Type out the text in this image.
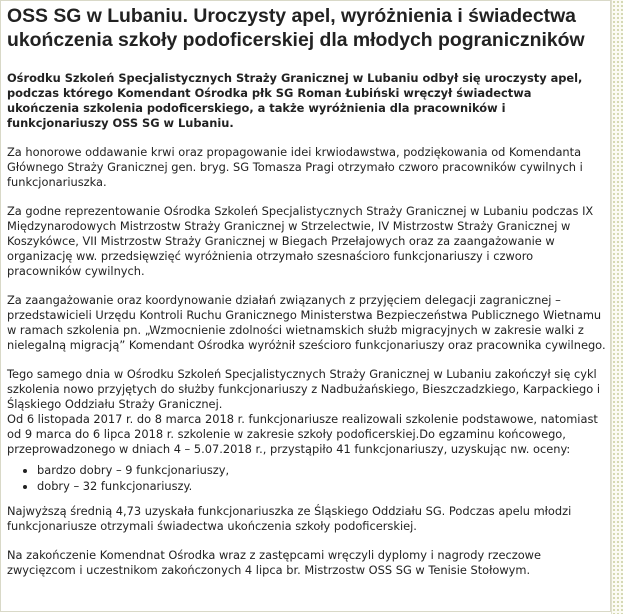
OSS SG w Lubaniu. Uroczysty apel, wyróżnienia i świadectwa ukończenia szkoły podoficerskiej dla młodych pograniczników

Ośrodku Szkoleń Specjalistycznych Straży Granicznej w Lubaniu odbył się uroczysty apel, podczas którego Komendant Ośrodka płk SG Roman Łubiński wręczył świadectwa ukończenia szkolenia podoficerskiego, a także wyróżnienia dla pracowników i funkcjonariuszy OSS SG w Lubaniu.

Za honorowe oddawanie krwi oraz propagowanie idei krwiodawstwa, podziękowania od Komendanta Głównego Straży Granicznej gen. bryg. SG Tomasza Pragi otrzymało czworo pracowników cywilnych i funkcjonariuszka.

Za godne reprezentowanie Ośrodka Szkoleń Specjalistycznych Straży Granicznej w Lubaniu podczas IX Międzynarodowych Mistrzostw Straży Granicznej w Strzelectwie, IV Mistrzostw Straży Granicznej w Koszykówce, VII Mistrzostw Straży Granicznej w Biegach Przełajowych oraz za zaangażowanie w organizację ww. przedsięwzięć wyróżnienia otrzymało szesnaścioro funkcjonariuszy i czworo pracowników cywilnych.

Za zaangażowanie oraz koordynowanie działań związanych z przyjęciem delegacji zagranicznej – przedstawicieli Urzędu Kontroli Ruchu Granicznego Ministerstwa Bezpieczeństwa Publicznego Wietnamu w ramach szkolenia pn. „Wzmocnienie zdolności wietnamskich służb migracyjnych w zakresie walki z nielegalną migracją” Komendant Ośrodka wyróżnił sześcioro funkcjonariuszy oraz pracownika cywilnego.

Tego samego dnia w Ośrodku Szkoleń Specjalistycznych Straży Granicznej w Lubaniu zakończył się cykl szkolenia nowo przyjętych do służby funkcjonariuszy z Nadbużańskiego, Bieszczadzkiego, Karpackiego i Śląskiego Oddziału Straży Granicznej.

Od 6 listopada 2017 r. do 8 marca 2018 r. funkcjonariusze realizowali szkolenie podstawowe, natomiast od 9 marca do 6 lipca 2018 r. szkolenie w zakresie szkoły podoficerskiej.Do egzaminu końcowego, przeprowadzonego w dniach 4 – 5.07.2018 r., przystąpiło 41 funkcjonariuszy, uzyskując nw. oceny:

• bardzo dobry – 9 funkcjonariuszy,
• dobry – 32 funkcjonariuszy.

Najwyższą średnią 4,73 uzyskała funkcjonariuszka ze Śląskiego Oddziału SG. Podczas apelu młodzi funkcjonariusze otrzymali świadectwa ukończenia szkoły podoficerskiej.

Na zakończenie Komendnat Ośrodka wraz z zastępcami wręczyli dyplomy i nagrody rzeczowe zwycięzcom i uczestnikom zakończonych 4 lipca br. Mistrzostw OSS SG w Tenisie Stołowym.
